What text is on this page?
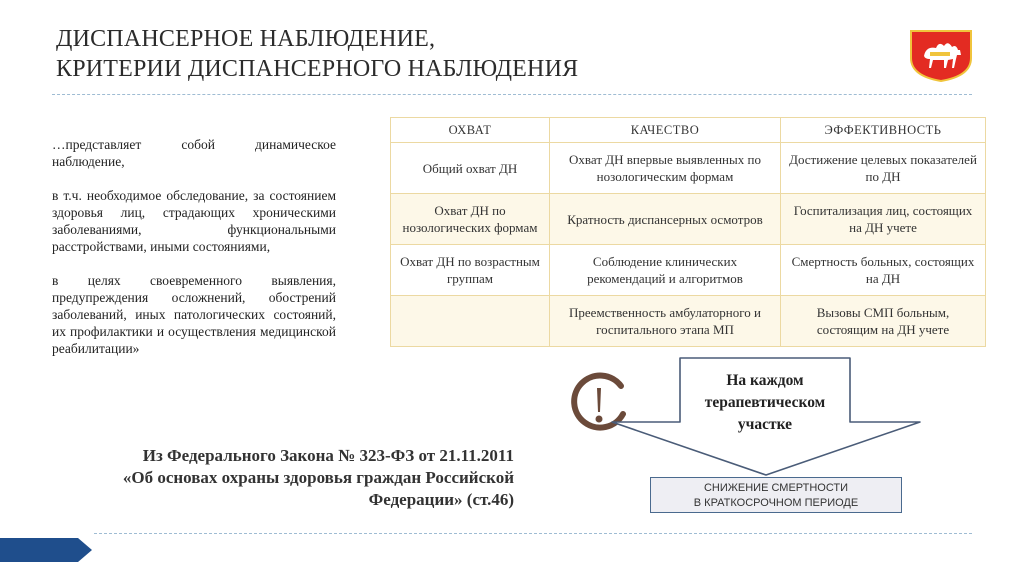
ДИСПАНСЕРНОЕ НАБЛЮДЕНИЕ,
КРИТЕРИИ ДИСПАНСЕРНОГО НАБЛЮДЕНИЯ

…представляет собой динамическое наблюдение,

в т.ч. необходимое обследование, за состоянием здоровья лиц, страдающих хроническими заболеваниями, функциональными расстройствами, иными состояниями,

в целях своевременного выявления, предупреждения осложнений, обострений заболеваний, иных патологических состояний, их профилактики и осуществления медицинской реабилитации»

Из Федерального Закона № 323-ФЗ от 21.11.2011
«Об основах охраны здоровья граждан Российской
Федерации» (ст.46)
ОХВАТ	КАЧЕСТВО	ЭФФЕКТИВНОСТЬ
Общий охват ДН	Охват ДН впервые выявленных по нозологическим формам	Достижение целевых показателей по ДН
Охват ДН по нозологических формам	Кратность диспансерных осмотров	Госпитализация лиц, состоящих на ДН учете
Охват ДН по возрастным группам	Соблюдение клинических рекомендаций и алгоритмов	Смертность больных, состоящих на ДН
	Преемственность амбулаторного и госпитального этапа МП	Вызовы СМП больным, состоящим на ДН учете
На каждом
терапевтическом
участке
СНИЖЕНИЕ СМЕРТНОСТИ
В КРАТКОСРОЧНОМ ПЕРИОДЕ
